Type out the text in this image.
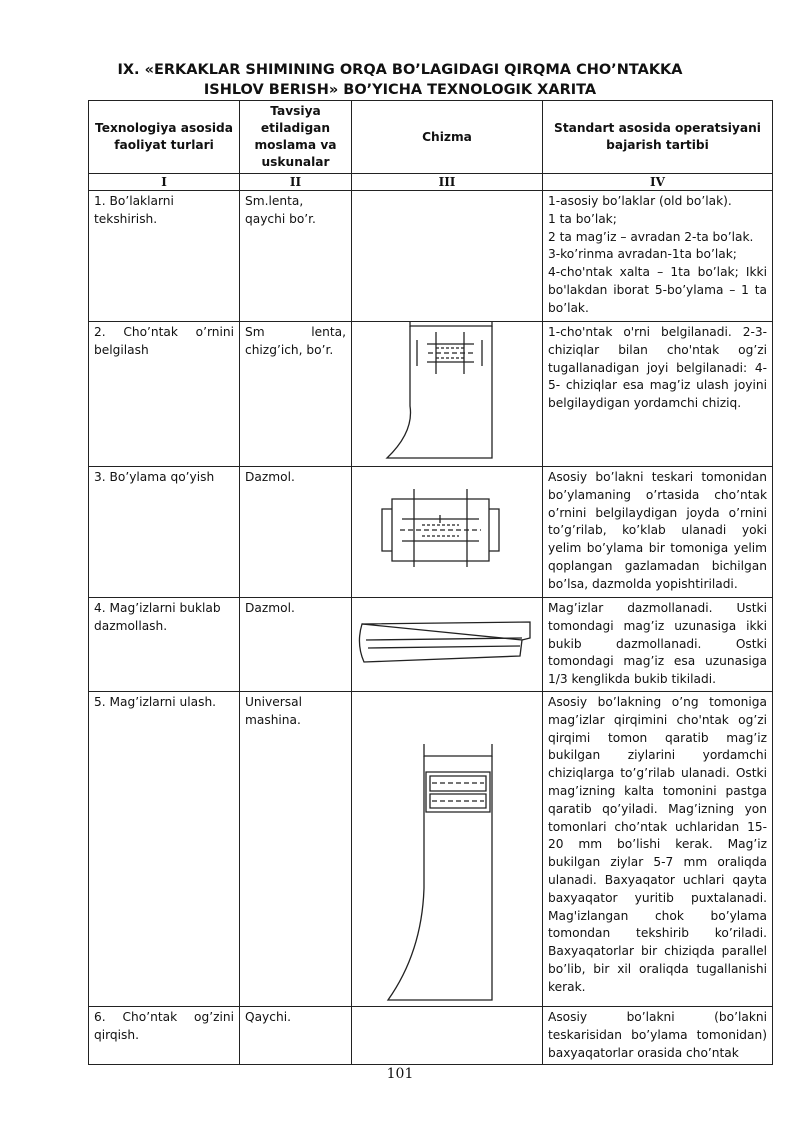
IX. «ERKAKLAR SHIMINING ORQA BO’LAGIDAGI QIRQMA CHO’NTAKKA
ISHLOV BERISH» BO’YICHA TEXNOLOGIK XARITA
Texnologiya asosida faoliyat turlari	Tavsiya etiladigan moslama va uskunalar	Chizma	Standart asosida operatsiyani bajarish tartibi
I	II	III	IV
1. Bo’laklarni tekshirish.	Sm.lenta, qaychi bo’r.		1-asosiy bo’laklar (old bo’lak).
1 ta bo’lak;
2 ta mag’iz – avradan 2-ta bo’lak.
3-ko’rinma avradan-1ta bo’lak;
4-cho'ntak xalta – 1ta bo’lak; Ikki bo'lakdan iborat 5-bo’ylama – 1 ta bo’lak.
2. Cho’ntak o’rnini belgilash	Sm lenta, chizg’ich, bo’r.		1-cho'ntak o'rni belgilanadi. 2-3-chiziqlar bilan cho'ntak og’zi tugallanadigan joyi belgilanadi: 4-5- chiziqlar esa mag’iz ulash joyini belgilaydigan yordamchi chiziq.
3. Bo’ylama qo’yish	Dazmol.		Asosiy bo’lakni teskari tomonidan bo’ylamaning o’rtasida cho’ntak o’rnini belgilaydigan joyda o’rnini to’g’rilab, ko’klab ulanadi yoki yelim bo’ylama bir tomoniga yelim qoplangan gazlamadan bichilgan bo’lsa, dazmolda yopishtiriladi.
4. Mag’izlarni buklab dazmollash.	Dazmol.		Mag’izlar dazmollanadi. Ustki tomondagi mag’iz uzunasiga ikki bukib dazmollanadi. Ostki tomondagi mag’iz esa uzunasiga 1/3 kenglikda bukib tikiladi.
5. Mag’izlarni ulash.	Universal mashina.		Asosiy bo’lakning o’ng tomoniga mag’izlar qirqimini cho'ntak og’zi qirqimi tomon qaratib mag’iz bukilgan ziylarini yordamchi chiziqlarga to’g’rilab ulanadi. Ostki mag’izning kalta tomonini pastga qaratib qo’yiladi. Mag’izning yon tomonlari cho’ntak uchlaridan 15-20 mm bo’lishi kerak. Mag’iz bukilgan ziylar 5-7 mm oraliqda ulanadi. Baxyaqator uchlari qayta baxyaqator yuritib puxtalanadi. Mag'izlangan chok bo’ylama tomondan tekshirib ko’riladi. Baxyaqatorlar bir chiziqda parallel bo’lib, bir xil oraliqda tugallanishi kerak.
6. Cho’ntak og’zini qirqish.	Qaychi.		Asosiy bo’lakni (bo’lakni teskarisidan bo’ylama tomonidan) baxyaqatorlar orasida cho’ntak
101
